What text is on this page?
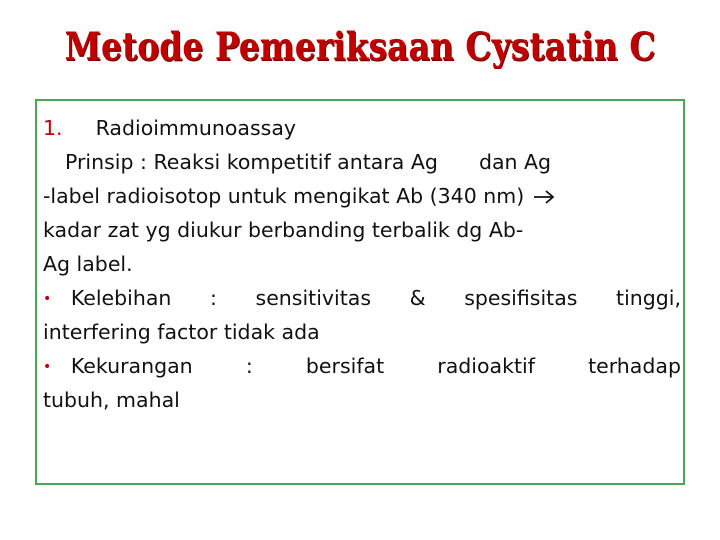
Metode Pemeriksaan Cystatin C
1. Radioimmunoassay
Prinsip : Reaksi kompetitif antara Ag dan Ag
-label radioisotop untuk mengikat Ab (340 nm)
kadar zat yg diukur berbanding terbalik dg Ab-
Ag label.
• Kelebihan : sensitivitas & spesifisitas tinggi,
interfering factor tidak ada
• Kekurangan	:	bersifat	radioaktif	terhadap
tubuh, mahal
